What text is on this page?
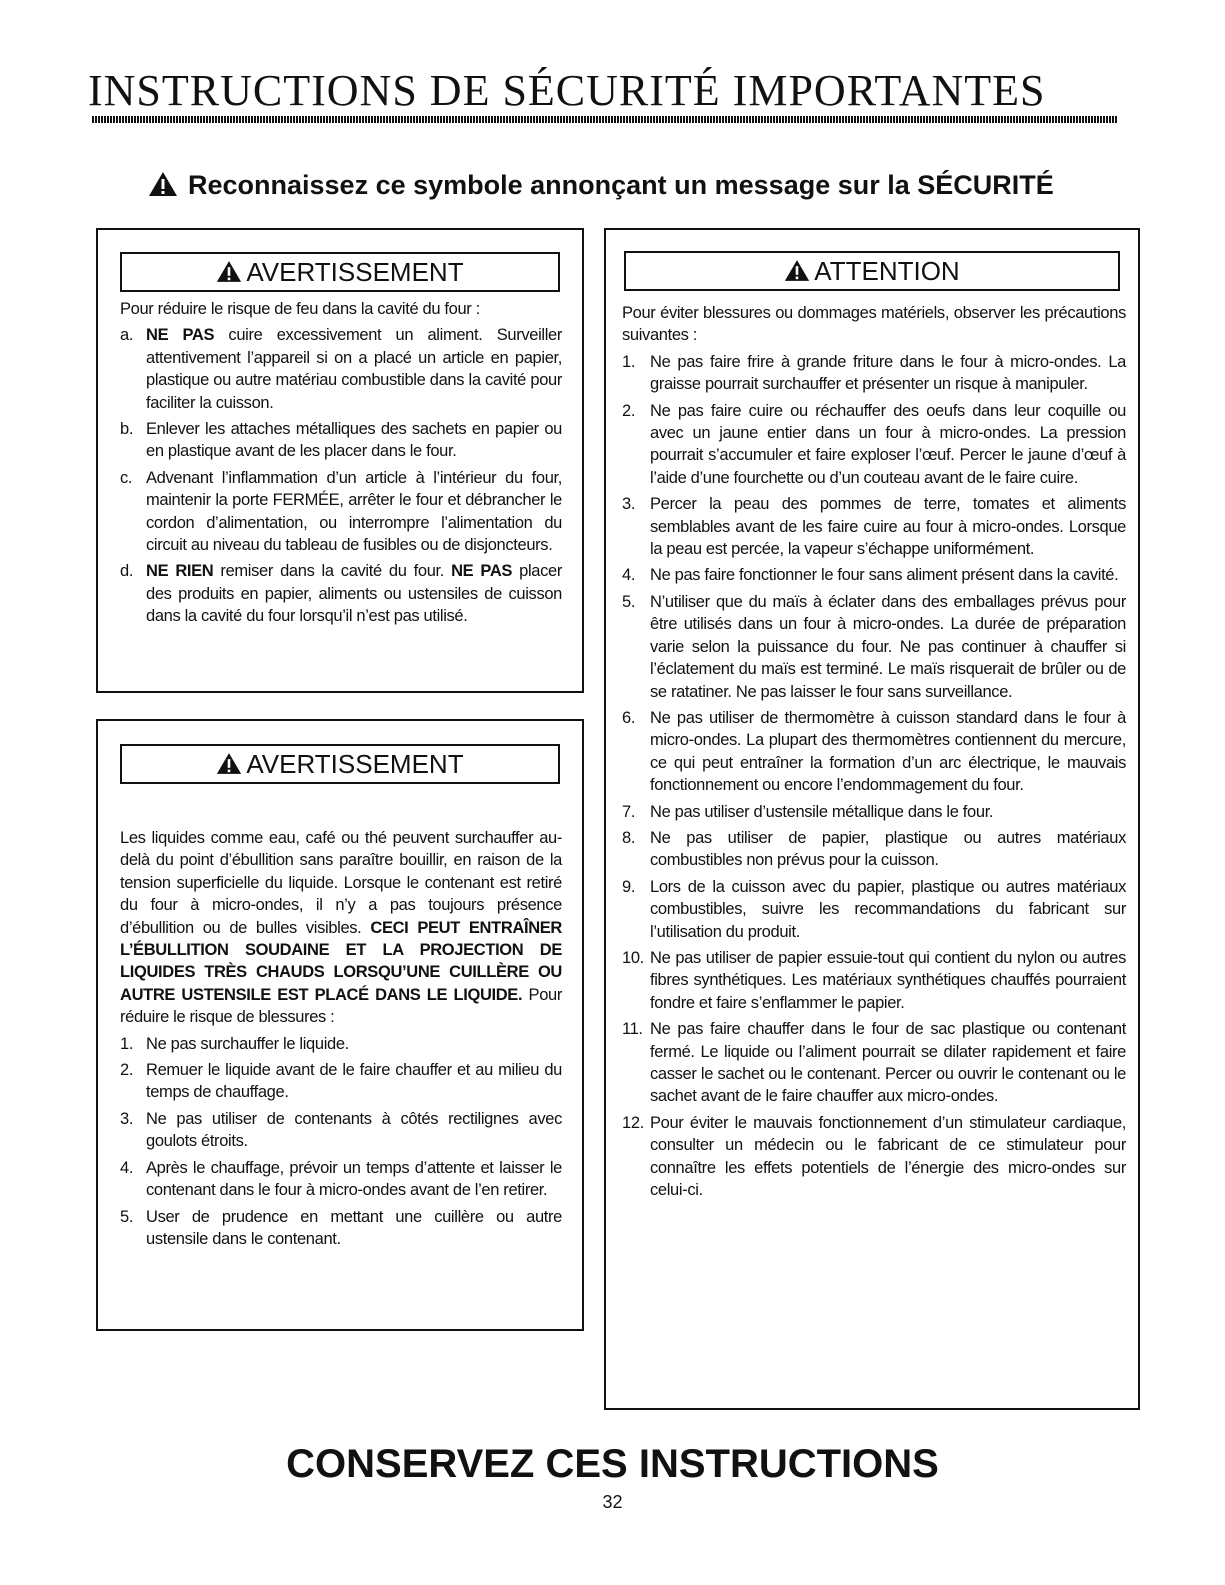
INSTRUCTIONS DE SÉCURITÉ IMPORTANTES
Reconnaissez ce symbole annonçant un message sur la SÉCURITÉ
AVERTISSEMENT
Pour réduire le risque de feu dans la cavité du four :
a. NE PAS cuire excessivement un aliment. Surveiller attentivement l’appareil si on a placé un article en papier, plastique ou autre matériau combustible dans la cavité pour faciliter la cuisson.
b. Enlever les attaches métalliques des sachets en papier ou en plastique avant de les placer dans le four.
c. Advenant l’inflammation d’un article à l’intérieur du four, maintenir la porte FERMÉE, arrêter le four et débrancher le cordon d’alimentation, ou interrompre l’alimentation du circuit au niveau du tableau de fusibles ou de disjoncteurs.
d. NE RIEN remiser dans la cavité du four. NE PAS placer des produits en papier, aliments ou ustensiles de cuisson dans la cavité du four lorsqu’il n’est pas utilisé.
AVERTISSEMENT
Les liquides comme eau, café ou thé peuvent surchauffer au-delà du point d’ébullition sans paraître bouillir, en raison de la tension superficielle du liquide. Lorsque le contenant est retiré du four à micro-ondes, il n’y a pas toujours présence d’ébullition ou de bulles visibles. CECI PEUT ENTRAÎNER L’ÉBULLITION SOUDAINE ET LA PROJECTION DE LIQUIDES TRÈS CHAUDS LORSQU’UNE CUILLÈRE OU AUTRE USTENSILE EST PLACÉ DANS LE LIQUIDE. Pour réduire le risque de blessures :
1. Ne pas surchauffer le liquide.
2. Remuer le liquide avant de le faire chauffer et au milieu du temps de chauffage.
3. Ne pas utiliser de contenants à côtés rectilignes avec goulots étroits.
4. Après le chauffage, prévoir un temps d’attente et laisser le contenant dans le four à micro-ondes avant de l’en retirer.
5. User de prudence en mettant une cuillère ou autre ustensile dans le contenant.
ATTENTION
Pour éviter blessures ou dommages matériels, observer les précautions suivantes :
1. Ne pas faire frire à grande friture dans le four à micro-ondes. La graisse pourrait surchauffer et présenter un risque à manipuler.
2. Ne pas faire cuire ou réchauffer des oeufs dans leur coquille ou avec un jaune entier dans un four à micro-ondes. La pression pourrait s’accumuler et faire exploser l’œuf. Percer le jaune d’œuf à l’aide d’une fourchette ou d’un couteau avant de le faire cuire.
3. Percer la peau des pommes de terre, tomates et aliments semblables avant de les faire cuire au four à micro-ondes. Lorsque la peau est percée, la vapeur s’échappe uniformément.
4. Ne pas faire fonctionner le four sans aliment présent dans la cavité.
5. N’utiliser que du maïs à éclater dans des emballages prévus pour être utilisés dans un four à micro-ondes. La durée de préparation varie selon la puissance du four. Ne pas continuer à chauffer si l’éclatement du maïs est terminé. Le maïs risquerait de brûler ou de se ratatiner. Ne pas laisser le four sans surveillance.
6. Ne pas utiliser de thermomètre à cuisson standard dans le four à micro-ondes. La plupart des thermomètres contiennent du mercure, ce qui peut entraîner la formation d’un arc électrique, le mauvais fonctionnement ou encore l’endommagement du four.
7. Ne pas utiliser d’ustensile métallique dans le four.
8. Ne pas utiliser de papier, plastique ou autres matériaux combustibles non prévus pour la cuisson.
9. Lors de la cuisson avec du papier, plastique ou autres matériaux combustibles, suivre les recommandations du fabricant sur l’utilisation du produit.
10. Ne pas utiliser de papier essuie-tout qui contient du nylon ou autres fibres synthétiques. Les matériaux synthétiques chauffés pourraient fondre et faire s’enflammer le papier.
11. Ne pas faire chauffer dans le four de sac plastique ou contenant fermé. Le liquide ou l’aliment pourrait se dilater rapidement et faire casser le sachet ou le contenant. Percer ou ouvrir le contenant ou le sachet avant de le faire chauffer aux micro-ondes.
12. Pour éviter le mauvais fonctionnement d’un stimulateur cardiaque, consulter un médecin ou le fabricant de ce stimulateur pour connaître les effets potentiels de l’énergie des micro-ondes sur celui-ci.
CONSERVEZ CES INSTRUCTIONS
32
